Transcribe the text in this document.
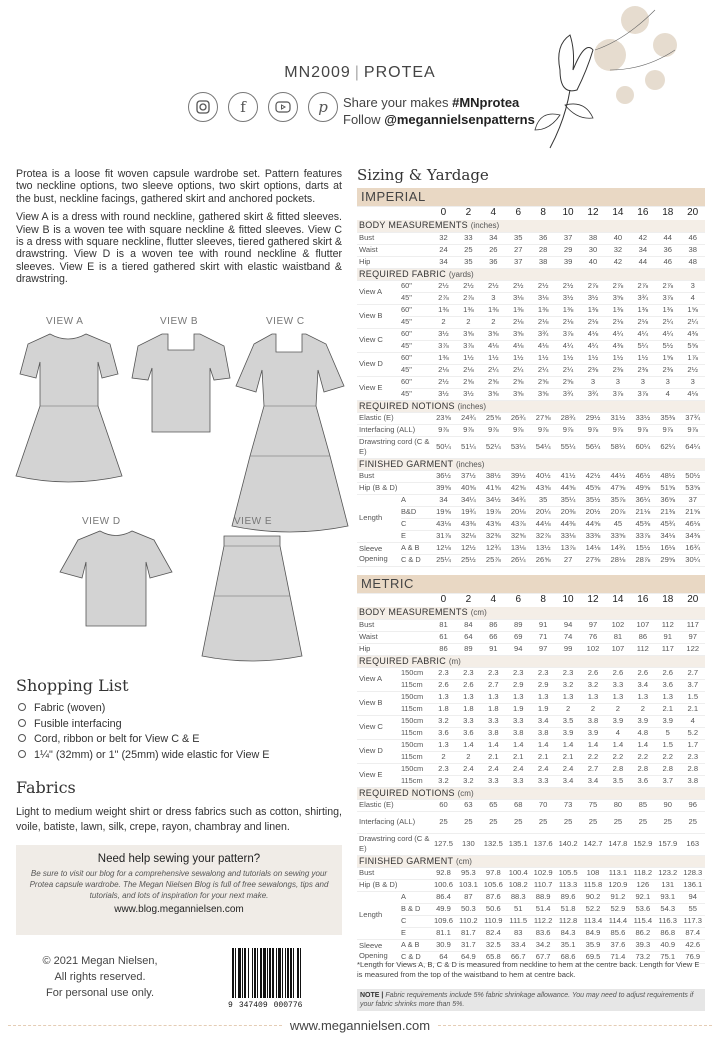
MN2009 | PROTEA
f	p	Share your makes #MNprotea
Follow @megannielsenpatterns

Protea is a loose fit woven capsule wardrobe set. Pattern features two neckline options, two sleeve options, two skirt options, darts at the bust, neckline facings, gathered skirt and anchored pockets.

View A is a dress with round neckline, gathered skirt & fitted sleeves. View B is a woven tee with square neckline & fitted sleeves. View C is a dress with square neckline, flutter sleeves, tiered gathered skirt & drawstring. View D is a woven tee with round neckline & flutter sleeves. View E is a tiered gathered skirt with elastic waistband & drawstring.

VIEW A	VIEW B	VIEW C
VIEW D	VIEW E
Shopping List
Fabric (woven)
Fusible interfacing
Cord, ribbon or belt for View C & E
1¼" (32mm) or 1" (25mm) wide elastic for View E
Fabrics
Light to medium weight shirt or dress fabrics such as cotton, shirting, voile, batiste, lawn, silk, crepe, rayon, chambray and linen.
Need help sewing your pattern?
Be sure to visit our blog for a comprehensive sewalong and tutorials on sewing your Protea capsule wardrobe. The Megan Nielsen Blog is full of free sewalongs, tips and tutorials, and lots of inspiration for your next make.
www.blog.megannielsen.com
© 2021 Megan Nielsen,
All rights reserved.
For personal use only.
9 347409 000776
www.megannielsen.com
Sizing & Yardage
IMPERIAL												
		0	2	4	6	8	10	12	14	16	18	20
BODY MEASUREMENTS (inches)												
Bust		32	33	34	35	36	37	38	40	42	44	46
Waist		24	25	26	27	28	29	30	32	34	36	38
Hip		34	35	36	37	38	39	40	42	44	46	48
REQUIRED FABRIC (yards)												
View A	60"	2½	2½	2½	2½	2½	2½	2⅞	2⅞	2⅞	2⅞	3
	45"	2⅞	2⅞	3	3⅛	3⅛	3½	3½	3⅝	3¾	3⅞	4
View B	60"	1⅜	1⅜	1⅜	1⅜	1⅜	1⅜	1⅜	1⅜	1⅜	1⅜	1⅝
	45"	2	2	2	2⅛	2⅛	2⅛	2⅛	2⅛	2⅛	2¼	2¼
View C	60"	3½	3⅝	3⅝	3⅝	3¾	3⅞	4⅛	4¼	4¼	4¼	4⅜
	45"	3⅞	3⅞	4⅛	4⅛	4⅛	4¼	4¼	4⅜	5¼	5½	5⅝
View D	60"	1⅜	1½	1½	1½	1½	1½	1½	1½	1½	1⅝	1⅞
	45"	2⅛	2⅛	2¼	2¼	2¼	2¼	2⅜	2⅜	2⅜	2⅜	2½
View E	60"	2½	2⅝	2⅝	2⅝	2⅝	2⅝	3	3	3	3	3
	45"	3½	3½	3⅝	3⅝	3⅝	3¾	3¾	3⅞	3⅞	4	4⅛
REQUIRED NOTIONS (inches)												
Elastic (E)		23⅝	24¾	25⅝	26¾	27⅝	28¾	29½	31½	33½	35⅜	37¾
Interfacing (ALL)		9⅞	9⅞	9⅞	9⅞	9⅞	9⅞	9⅞	9⅞	9⅞	9⅞	9⅞
Drawstring cord (C & E)		50¼	51¼	52¼	53¼	54¼	55¼	56¼	58¼	60¼	62¼	64¼
FINISHED GARMENT (inches)												
Bust		36½	37½	38½	39½	40½	41½	42½	44½	46½	48½	50½
Hip (B & D)		39⅝	40⅝	41⅝	42⅝	43⅝	44⅝	45⅝	47⅝	49⅝	51⅝	53⅝
Length	A	34	34¼	34½	34¾	35	35¼	35½	35⅞	36¼	36⅝	37
	B&D	19⅝	19¾	19⅞	20⅛	20¼	20⅜	20½	20⅞	21⅛	21⅜	21⅝
	C	43⅛	43⅜	43⅝	43⅞	44⅛	44⅜	44⅝	45	45⅜	45¾	46⅛
	E	31⅞	32⅛	32⅜	32⅝	32⅞	33⅛	33⅜	33⅝	33⅞	34⅛	34⅜
Sleeve Opening	A & B	12⅛	12½	12¾	13⅛	13½	13⅞	14⅛	14¾	15½	16⅛	16¾
	C & D	25¼	25½	25⅞	26¼	26⅝	27	27⅜	28⅛	28⅞	29⅝	30¼
METRIC												
		0	2	4	6	8	10	12	14	16	18	20
BODY MEASUREMENTS (cm)												
Bust		81	84	86	89	91	94	97	102	107	112	117
Waist		61	64	66	69	71	74	76	81	86	91	97
Hip		86	89	91	94	97	99	102	107	112	117	122
REQUIRED FABRIC (m)												
View A	150cm	2.3	2.3	2.3	2.3	2.3	2.3	2.6	2.6	2.6	2.6	2.7
	115cm	2.6	2.6	2.7	2.9	2.9	3.2	3.2	3.3	3.4	3.6	3.7
View B	150cm	1.3	1.3	1.3	1.3	1.3	1.3	1.3	1.3	1.3	1.3	1.5
	115cm	1.8	1.8	1.8	1.9	1.9	2	2	2	2	2.1	2.1
View C	150cm	3.2	3.3	3.3	3.3	3.4	3.5	3.8	3.9	3.9	3.9	4
	115cm	3.6	3.6	3.8	3.8	3.8	3.9	3.9	4	4.8	5	5.2
View D	150cm	1.3	1.4	1.4	1.4	1.4	1.4	1.4	1.4	1.4	1.5	1.7
	115cm	2	2	2.1	2.1	2.1	2.1	2.2	2.2	2.2	2.2	2.3
View E	150cm	2.3	2.4	2.4	2.4	2.4	2.4	2.7	2.8	2.8	2.8	2.8
	115cm	3.2	3.2	3.3	3.3	3.3	3.4	3.4	3.5	3.6	3.7	3.8
REQUIRED NOTIONS (cm)												
Elastic (E)		60	63	65	68	70	73	75	80	85	90	96
Interfacing (ALL)		25	25	25	25	25	25	25	25	25	25	25
Drawstring cord (C & E)		127.5	130	132.5	135.1	137.6	140.2	142.7	147.8	152.9	157.9	163
FINISHED GARMENT (cm)												
Bust		92.8	95.3	97.8	100.4	102.9	105.5	108	113.1	118.2	123.2	128.3
Hip (B & D)		100.6	103.1	105.6	108.2	110.7	113.3	115.8	120.9	126	131	136.1
Length	A	86.4	87	87.6	88.3	88.9	89.6	90.2	91.2	92.1	93.1	94
	B & D	49.9	50.3	50.6	51	51.4	51.8	52.2	52.9	53.6	54.3	55
	C	109.6	110.2	110.9	111.5	112.2	112.8	113.4	114.4	115.4	116.3	117.3
	E	81.1	81.7	82.4	83	83.6	84.3	84.9	85.6	86.2	86.8	87.4
Sleeve Opening	A & B	30.9	31.7	32.5	33.4	34.2	35.1	35.9	37.6	39.3	40.9	42.6
	C & D	64	64.9	65.8	66.7	67.7	68.6	69.5	71.4	73.2	75.1	76.9
*Length for Views A, B, C & D is measured from neckline to hem at the centre back. Length for View E is measured from the top of the waistband to hem at centre back.
NOTE | Fabric requirements include 5% fabric shrinkage allowance. You may need to adjust requirements if your fabric shrinks more than 5%.
